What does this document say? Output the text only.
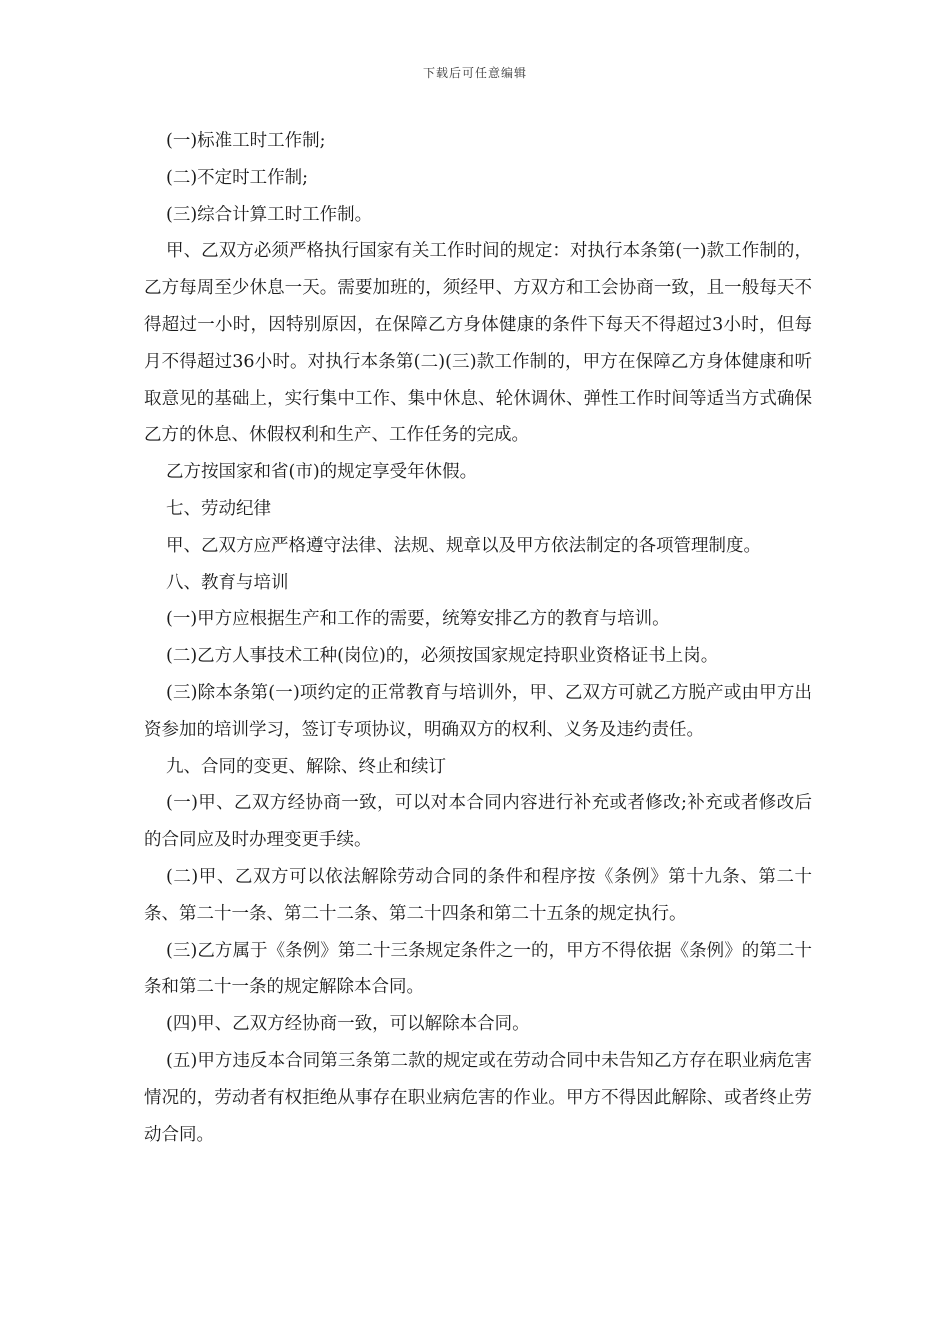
下载后可任意编辑

(一)标准工时工作制;

(二)不定时工作制;

(三)综合计算工时工作制。

甲、乙双方必须严格执行国家有关工作时间的规定：对执行本条第(一)款工作制的，乙方每周至少休息一天。需要加班的，须经甲、方双方和工会协商一致，且一般每天不得超过一小时，因特别原因，在保障乙方身体健康的条件下每天不得超过3小时，但每月不得超过36小时。对执行本条第(二)(三)款工作制的，甲方在保障乙方身体健康和听取意见的基础上，实行集中工作、集中休息、轮休调休、弹性工作时间等适当方式确保乙方的休息、休假权利和生产、工作任务的完成。

乙方按国家和省(市)的规定享受年休假。

七、劳动纪律

甲、乙双方应严格遵守法律、法规、规章以及甲方依法制定的各项管理制度。

八、教育与培训

(一)甲方应根据生产和工作的需要，统筹安排乙方的教育与培训。

(二)乙方人事技术工种(岗位)的，必须按国家规定持职业资格证书上岗。

(三)除本条第(一)项约定的正常教育与培训外，甲、乙双方可就乙方脱产或由甲方出资参加的培训学习，签订专项协议，明确双方的权利、义务及违约责任。

九、合同的变更、解除、终止和续订

(一)甲、乙双方经协商一致，可以对本合同内容进行补充或者修改;补充或者修改后的合同应及时办理变更手续。

(二)甲、乙双方可以依法解除劳动合同的条件和程序按《条例》第十九条、第二十条、第二十一条、第二十二条、第二十四条和第二十五条的规定执行。

(三)乙方属于《条例》第二十三条规定条件之一的，甲方不得依据《条例》的第二十条和第二十一条的规定解除本合同。

(四)甲、乙双方经协商一致，可以解除本合同。

(五)甲方违反本合同第三条第二款的规定或在劳动合同中未告知乙方存在职业病危害情况的，劳动者有权拒绝从事存在职业病危害的作业。甲方不得因此解除、或者终止劳动合同。
